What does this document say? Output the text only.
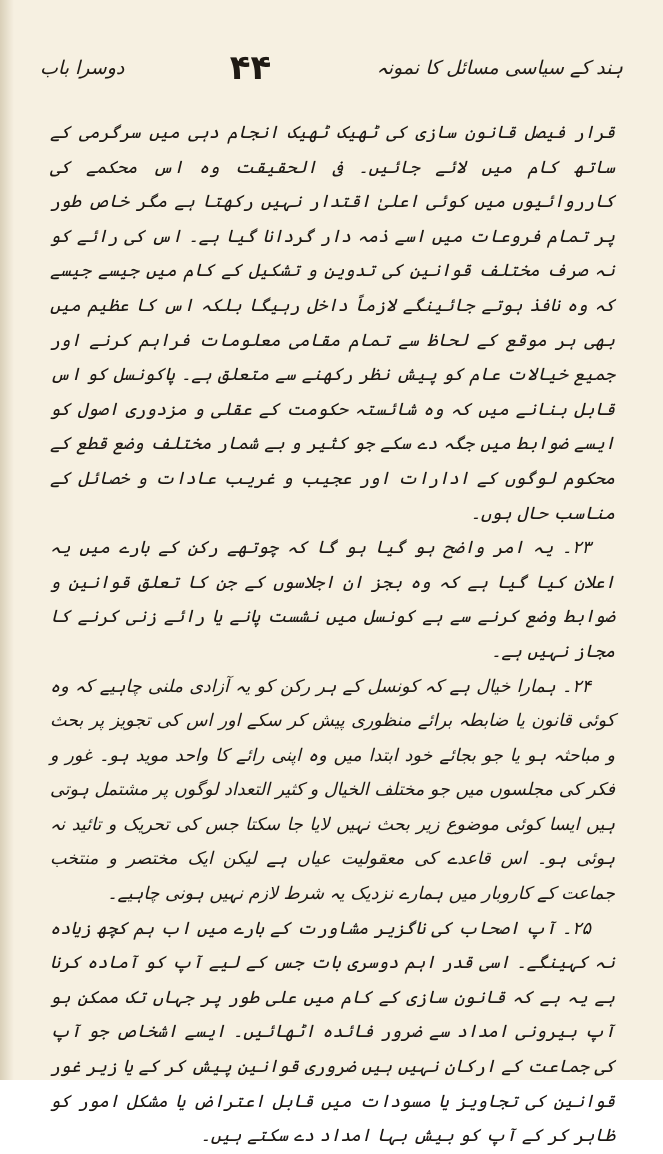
ہند کے سیاسی مسائل کا نمونہ
۴۴
دوسرا باب

قرار فیصل قانون سازی کی ٹھیک ٹھیک انجام دہی میں سرگرمی کے ساتھ کام میں لائے جائیں۔ فی الحقیقت وہ اس محکمے کی کارروائیوں میں کوئی اعلیٰ اقتدار نہیں رکھتا ہے مگر خاص طور پر تمام فروعات میں اسے ذمہ دار گردانا گیا ہے۔ اس کی رائے کو نہ صرف مختلف قوانین کی تدوین و تشکیل کے کام میں جیسے جیسے کہ وہ نافذ ہوتے جائینگے لازماً داخل رہیگا بلکہ اس کا عظیم میں بھی ہر موقع کے لحاظ سے تمام مقامی معلومات فراہم کرنے اور جمیع خیالات عام کو پیش نظر رکھنے سے متعلق ہے۔ پاکونسل کو اس قابل بنانے میں کہ وہ شائستہ حکومت کے عقلی و مزدوری اصول کو ایسے ضوابط میں جگہ دے سکے جو کثیر و بے شمار مختلف وضع قطع کے محکوم لوگوں کے ادارات اور عجیب و غریب عادات و خصائل کے مناسب حال ہوں۔

۲۳۔ یہ امر واضح ہو گیا ہو گا کہ چوتھے رکن کے بارے میں یہ اعلان کیا گیا ہے کہ وہ بجز ان اجلاسوں کے جن کا تعلق قوانین و ضوابط وضع کرنے سے ہے کونسل میں نشست پانے یا رائے زنی کرنے کا مجاز نہیں ہے۔

۲۴۔ ہمارا خیال ہے کہ کونسل کے ہر رکن کو یہ آزادی ملنی چاہیے کہ وہ کوئی قانون یا ضابطہ برائے منظوری پیش کر سکے اور اس کی تجویز پر بحث و مباحثہ ہو یا جو بجائے خود ابتدا میں وہ اپنی رائے کا واحد موید ہو۔ غور و فکر کی مجلسوں میں جو مختلف الخیال و کثیر التعداد لوگوں پر مشتمل ہوتی ہیں ایسا کوئی موضوع زیر بحث نہیں لایا جا سکتا جس کی تحریک و تائید نہ ہوئی ہو۔ اس قاعدے کی معقولیت عیاں ہے لیکن ایک مختصر و منتخب جماعت کے کاروبار میں ہمارے نزدیک یہ شرط لازم نہیں ہونی چاہیے۔

۲۵۔ آپ اصحاب کی ناگزیر مشاورت کے بارے میں اب ہم کچھ زیادہ نہ کہینگے۔ اسی قدر اہم دوسری بات جس کے لیے آپ کو آمادہ کرنا ہے یہ ہے کہ قانون سازی کے کام میں علی طور پر جہاں تک ممکن ہو آپ بیرونی امداد سے ضرور فائدہ اٹھائیں۔ ایسے اشخاص جو آپ کی جماعت کے ارکان نہیں ہیں ضروری قوانین پیش کر کے یا زیر غور قوانین کی تجاویز یا مسودات میں قابل اعتراض یا مشکل امور کو ظاہر کر کے آپ کو بیش بہا امداد دے سکتے ہیں۔
